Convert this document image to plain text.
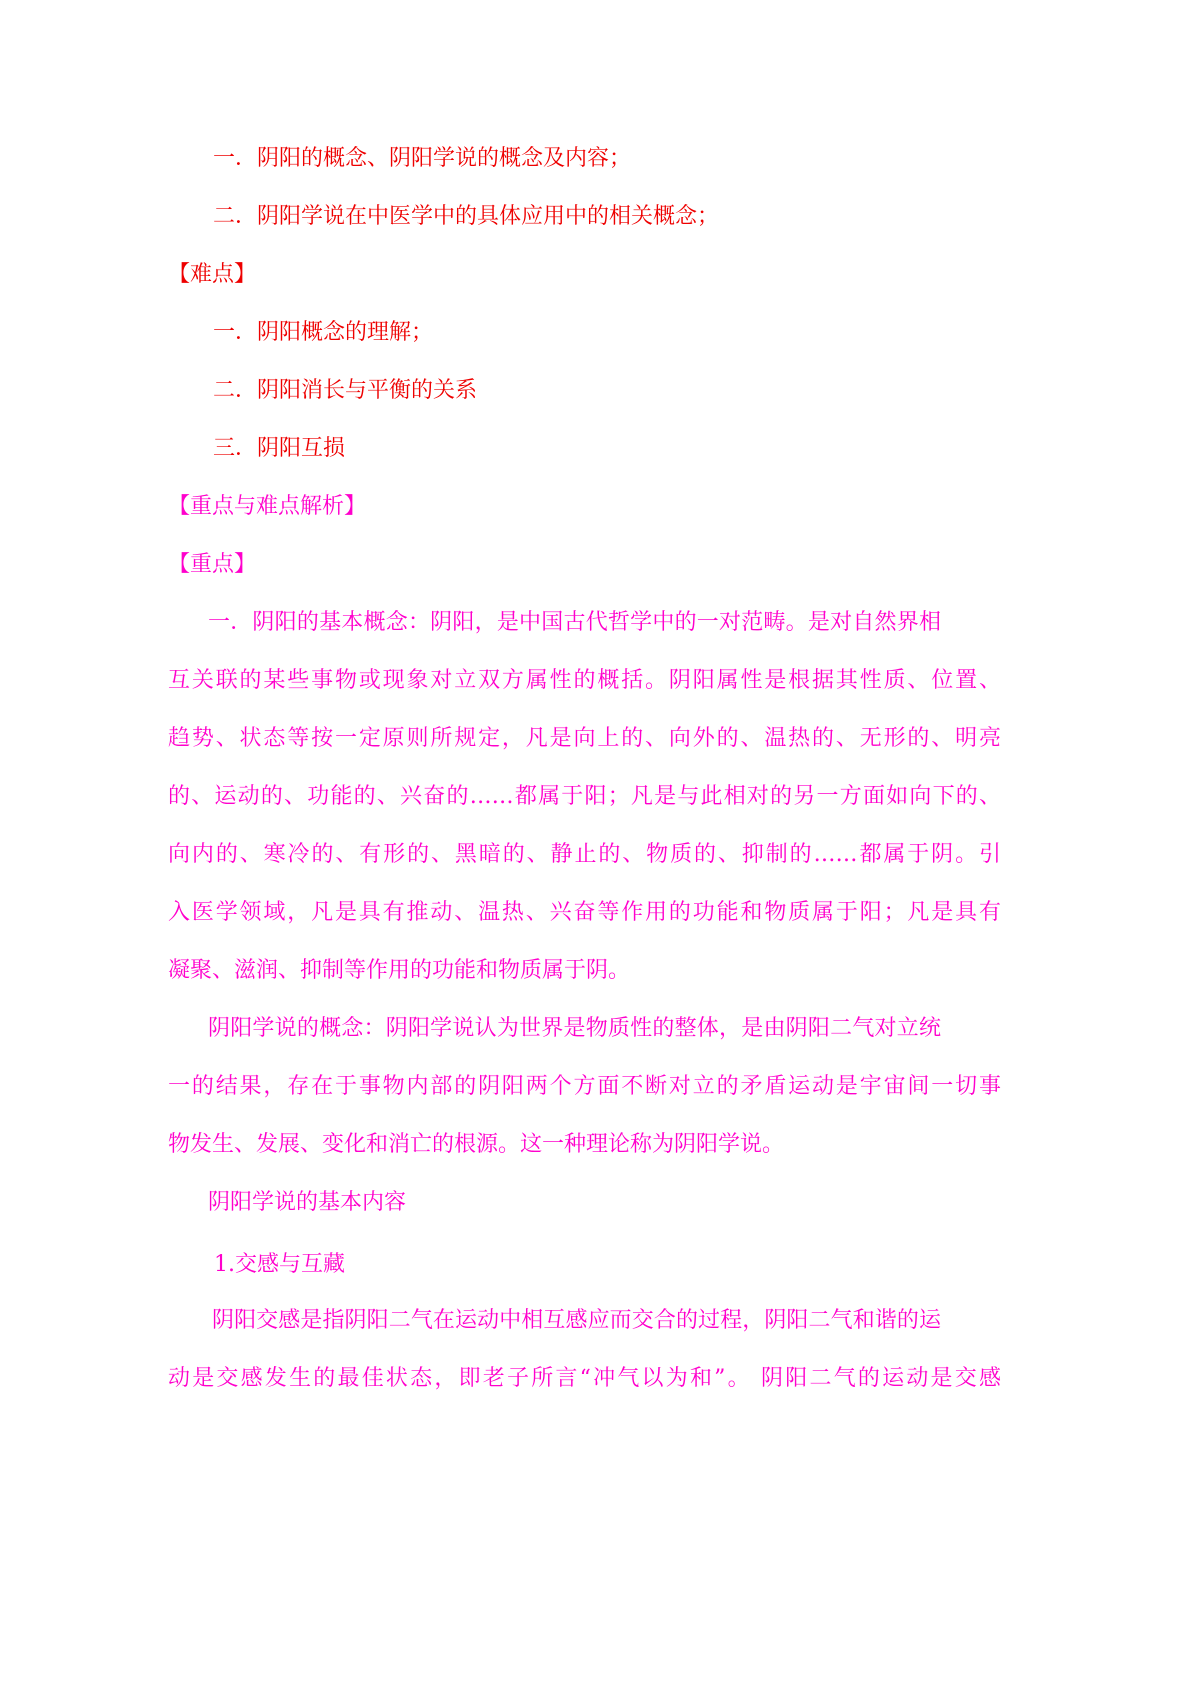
一．阴阳的概念、阴阳学说的概念及内容；

二．阴阳学说在中医学中的具体应用中的相关概念；

【难点】

一．阴阳概念的理解；

二．阴阳消长与平衡的关系

三．阴阳互损

【重点与难点解析】

【重点】

一．阴阳的基本概念：阴阳，是中国古代哲学中的一对范畴。是对自然界相

互关联的某些事物或现象对立双方属性的概括。阴阳属性是根据其性质、位置、

趋势、状态等按一定原则所规定，凡是向上的、向外的、温热的、无形的、明亮

的、运动的、功能的、兴奋的……都属于阳；凡是与此相对的另一方面如向下的、

向内的、寒冷的、有形的、黑暗的、静止的、物质的、抑制的……都属于阴。引

入医学领域，凡是具有推动、温热、兴奋等作用的功能和物质属于阳；凡是具有

凝聚、滋润、抑制等作用的功能和物质属于阴。

阴阳学说的概念：阴阳学说认为世界是物质性的整体，是由阴阳二气对立统

一的结果，存在于事物内部的阴阳两个方面不断对立的矛盾运动是宇宙间一切事

物发生、发展、变化和消亡的根源。这一种理论称为阴阳学说。

阴阳学说的基本内容

1.交感与互藏

阴阳交感是指阴阳二气在运动中相互感应而交合的过程，阴阳二气和谐的运

动是交感发生的最佳状态，即老子所言“冲气以为和”。 阴阳二气的运动是交感
